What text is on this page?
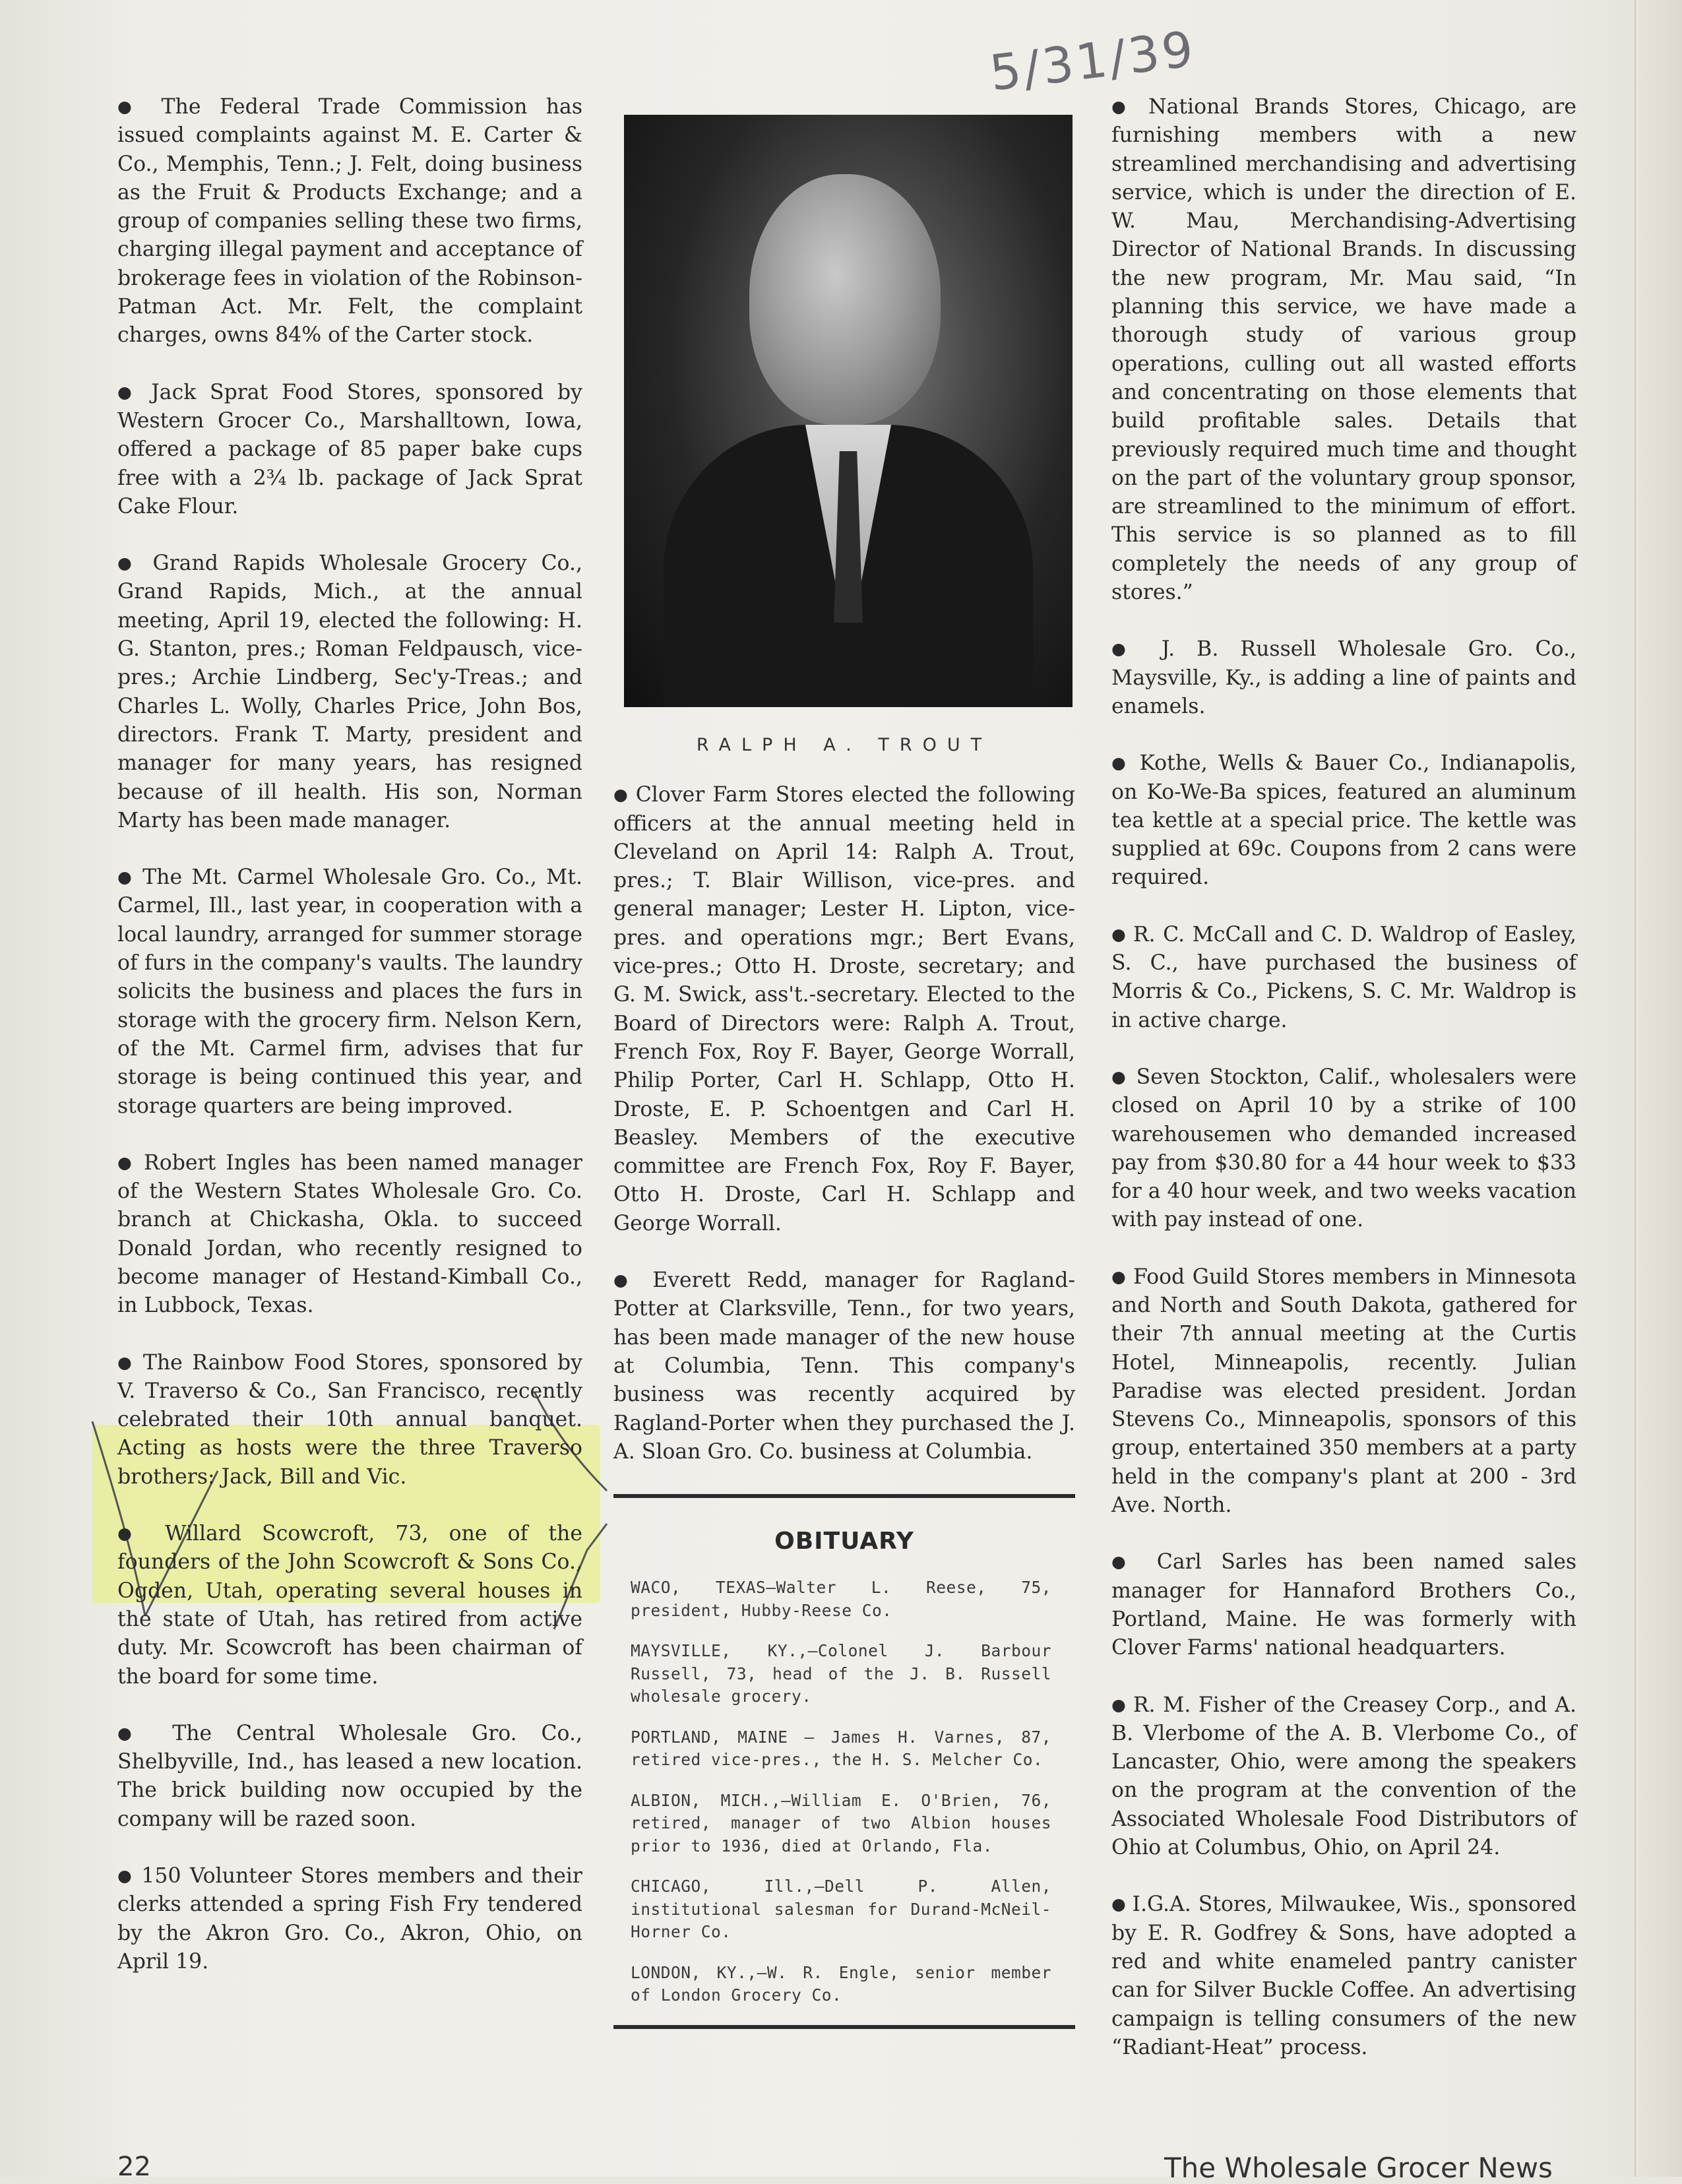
5/31/39

● The Federal Trade Commission has issued complaints against M. E. Carter & Co., Memphis, Tenn.; J. Felt, doing business as the Fruit & Products Exchange; and a group of companies selling these two firms, charging illegal payment and acceptance of brokerage fees in violation of the Robinson-Patman Act. Mr. Felt, the complaint charges, owns 84% of the Carter stock.

● Jack Sprat Food Stores, sponsored by Western Grocer Co., Marshalltown, Iowa, offered a package of 85 paper bake cups free with a 2¾ lb. package of Jack Sprat Cake Flour.

● Grand Rapids Wholesale Grocery Co., Grand Rapids, Mich., at the annual meeting, April 19, elected the following: H. G. Stanton, pres.; Roman Feldpausch, vice-pres.; Archie Lindberg, Sec'y-Treas.; and Charles L. Wolly, Charles Price, John Bos, directors. Frank T. Marty, president and manager for many years, has resigned because of ill health. His son, Norman Marty has been made manager.

● The Mt. Carmel Wholesale Gro. Co., Mt. Carmel, Ill., last year, in cooperation with a local laundry, arranged for summer storage of furs in the company's vaults. The laundry solicits the business and places the furs in storage with the grocery firm. Nelson Kern, of the Mt. Carmel firm, advises that fur storage is being continued this year, and storage quarters are being improved.

● Robert Ingles has been named manager of the Western States Wholesale Gro. Co. branch at Chickasha, Okla. to succeed Donald Jordan, who recently resigned to become manager of Hestand-Kimball Co., in Lubbock, Texas.

● The Rainbow Food Stores, sponsored by V. Traverso & Co., San Francisco, recently celebrated their 10th annual banquet. Acting as hosts were the three Traverso brothers: Jack, Bill and Vic.

● Willard Scowcroft, 73, one of the founders of the John Scowcroft & Sons Co., Ogden, Utah, operating several houses in the state of Utah, has retired from active duty. Mr. Scowcroft has been chairman of the board for some time.

● The Central Wholesale Gro. Co., Shelbyville, Ind., has leased a new location. The brick building now occupied by the company will be razed soon.

● 150 Volunteer Stores members and their clerks attended a spring Fish Fry tendered by the Akron Gro. Co., Akron, Ohio, on April 19.

RALPH A. TROUT

● Clover Farm Stores elected the following officers at the annual meeting held in Cleveland on April 14: Ralph A. Trout, pres.; T. Blair Willison, vice-pres. and general manager; Lester H. Lipton, vice-pres. and operations mgr.; Bert Evans, vice-pres.; Otto H. Droste, secretary; and G. M. Swick, ass't.-secretary. Elected to the Board of Directors were: Ralph A. Trout, French Fox, Roy F. Bayer, George Worrall, Philip Porter, Carl H. Schlapp, Otto H. Droste, E. P. Schoentgen and Carl H. Beasley. Members of the executive committee are French Fox, Roy F. Bayer, Otto H. Droste, Carl H. Schlapp and George Worrall.

● Everett Redd, manager for Ragland-Potter at Clarksville, Tenn., for two years, has been made manager of the new house at Columbia, Tenn. This company's business was recently acquired by Ragland-Porter when they purchased the J. A. Sloan Gro. Co. business at Columbia.

OBITUARY
WACO, TEXAS—Walter L. Reese, 75, president, Hubby-Reese Co.
MAYSVILLE, KY.,—Colonel J. Barbour Russell, 73, head of the J. B. Russell wholesale grocery.
PORTLAND, MAINE — James H. Varnes, 87, retired vice-pres., the H. S. Melcher Co.
ALBION, MICH.,—William E. O'Brien, 76, retired, manager of two Albion houses prior to 1936, died at Orlando, Fla.
CHICAGO, Ill.,—Dell P. Allen, institutional salesman for Durand-McNeil-Horner Co.
LONDON, KY.,—W. R. Engle, senior member of London Grocery Co.

● National Brands Stores, Chicago, are furnishing members with a new streamlined merchandising and advertising service, which is under the direction of E. W. Mau, Merchandising-Advertising Director of National Brands. In discussing the new program, Mr. Mau said, “In planning this service, we have made a thorough study of various group operations, culling out all wasted efforts and concentrating on those elements that build profitable sales. Details that previously required much time and thought on the part of the voluntary group sponsor, are streamlined to the minimum of effort. This service is so planned as to fill completely the needs of any group of stores.”

● J. B. Russell Wholesale Gro. Co., Maysville, Ky., is adding a line of paints and enamels.

● Kothe, Wells & Bauer Co., Indianapolis, on Ko-We-Ba spices, featured an aluminum tea kettle at a special price. The kettle was supplied at 69c. Coupons from 2 cans were required.

● R. C. McCall and C. D. Waldrop of Easley, S. C., have purchased the business of Morris & Co., Pickens, S. C. Mr. Waldrop is in active charge.

● Seven Stockton, Calif., wholesalers were closed on April 10 by a strike of 100 warehousemen who demanded increased pay from $30.80 for a 44 hour week to $33 for a 40 hour week, and two weeks vacation with pay instead of one.

● Food Guild Stores members in Minnesota and North and South Dakota, gathered for their 7th annual meeting at the Curtis Hotel, Minneapolis, recently. Julian Paradise was elected president. Jordan Stevens Co., Minneapolis, sponsors of this group, entertained 350 members at a party held in the company's plant at 200 - 3rd Ave. North.

● Carl Sarles has been named sales manager for Hannaford Brothers Co., Portland, Maine. He was formerly with Clover Farms' national headquarters.

● R. M. Fisher of the Creasey Corp., and A. B. Vlerbome of the A. B. Vlerbome Co., of Lancaster, Ohio, were among the speakers on the program at the convention of the Associated Wholesale Food Distributors of Ohio at Columbus, Ohio, on April 24.

● I.G.A. Stores, Milwaukee, Wis., sponsored by E. R. Godfrey & Sons, have adopted a red and white enameled pantry canister can for Silver Buckle Coffee. An advertising campaign is telling consumers of the new “Radiant-Heat” process.

22	The Wholesale Grocer News
